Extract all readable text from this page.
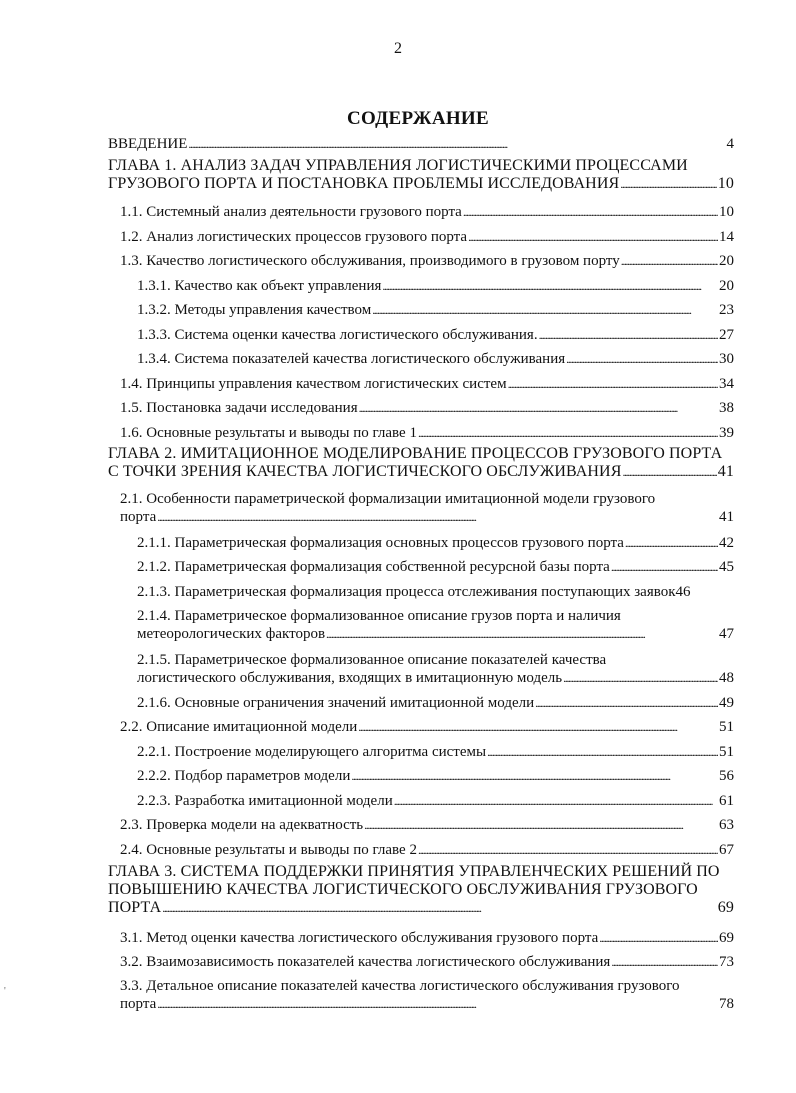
2
СОДЕРЖАНИЕ
ВВЕДЕНИЕ . . .	4
ГЛАВА 1. АНАЛИЗ ЗАДАЧ УПРАВЛЕНИЯ ЛОГИСТИЧЕСКИМИ ПРОЦЕССАМИ
ГРУЗОВОГО ПОРТА И ПОСТАНОВКА ПРОБЛЕМЫ ИССЛЕДОВАНИЯ . . .	10
1.1. Системный анализ деятельности грузового порта . . .	10
1.2. Анализ логистических процессов грузового порта . . .	14
1.3. Качество логистического обслуживания, производимого в грузовом порту . . .	20
1.3.1. Качество как объект управления . . .	20
1.3.2. Методы управления качеством . . .	23
1.3.3. Система оценки качества логистического обслуживания. . . .	27
1.3.4. Система показателей качества логистического обслуживания . . .	30
1.4. Принципы управления качеством логистических систем . . .	34
1.5. Постановка задачи исследования . . .	38
1.6. Основные результаты и выводы по главе 1 . . .	39
ГЛАВА 2. ИМИТАЦИОННОЕ МОДЕЛИРОВАНИЕ ПРОЦЕССОВ ГРУЗОВОГО ПОРТА
С ТОЧКИ ЗРЕНИЯ КАЧЕСТВА ЛОГИСТИЧЕСКОГО ОБСЛУЖИВАНИЯ . . .	41
2.1. Особенности параметрической формализации имитационной модели грузового
порта . . .	41
2.1.1. Параметрическая формализация основных процессов грузового порта . . .	42
2.1.2. Параметрическая формализация собственной ресурсной базы порта . . .	45
2.1.3. Параметрическая формализация процесса отслеживания поступающих заявок 46
2.1.4. Параметрическое формализованное описание грузов порта и наличия
метеорологических факторов . . .	47
2.1.5. Параметрическое формализованное описание показателей качества
логистического обслуживания, входящих в имитационную модель . . .	48
2.1.6. Основные ограничения значений имитационной модели . . .	49
2.2. Описание имитационной модели . . .	51
2.2.1. Построение моделирующего алгоритма системы . . .	51
2.2.2. Подбор параметров модели . . .	56
2.2.3. Разработка имитационной модели . . .	61
2.3. Проверка модели на адекватность . . .	63
2.4. Основные результаты и выводы по главе 2 . . .	67
ГЛАВА 3. СИСТЕМА ПОДДЕРЖКИ ПРИНЯТИЯ УПРАВЛЕНЧЕСКИХ РЕШЕНИЙ ПО
ПОВЫШЕНИЮ КАЧЕСТВА ЛОГИСТИЧЕСКОГО ОБСЛУЖИВАНИЯ ГРУЗОВОГО
ПОРТА . . .	69
3.1. Метод оценки качества логистического обслуживания грузового порта . . .	69
3.2. Взаимозависимость показателей качества логистического обслуживания . . .	73
3.3. Детальное описание показателей качества логистического обслуживания грузового
порта . . .	78
'
